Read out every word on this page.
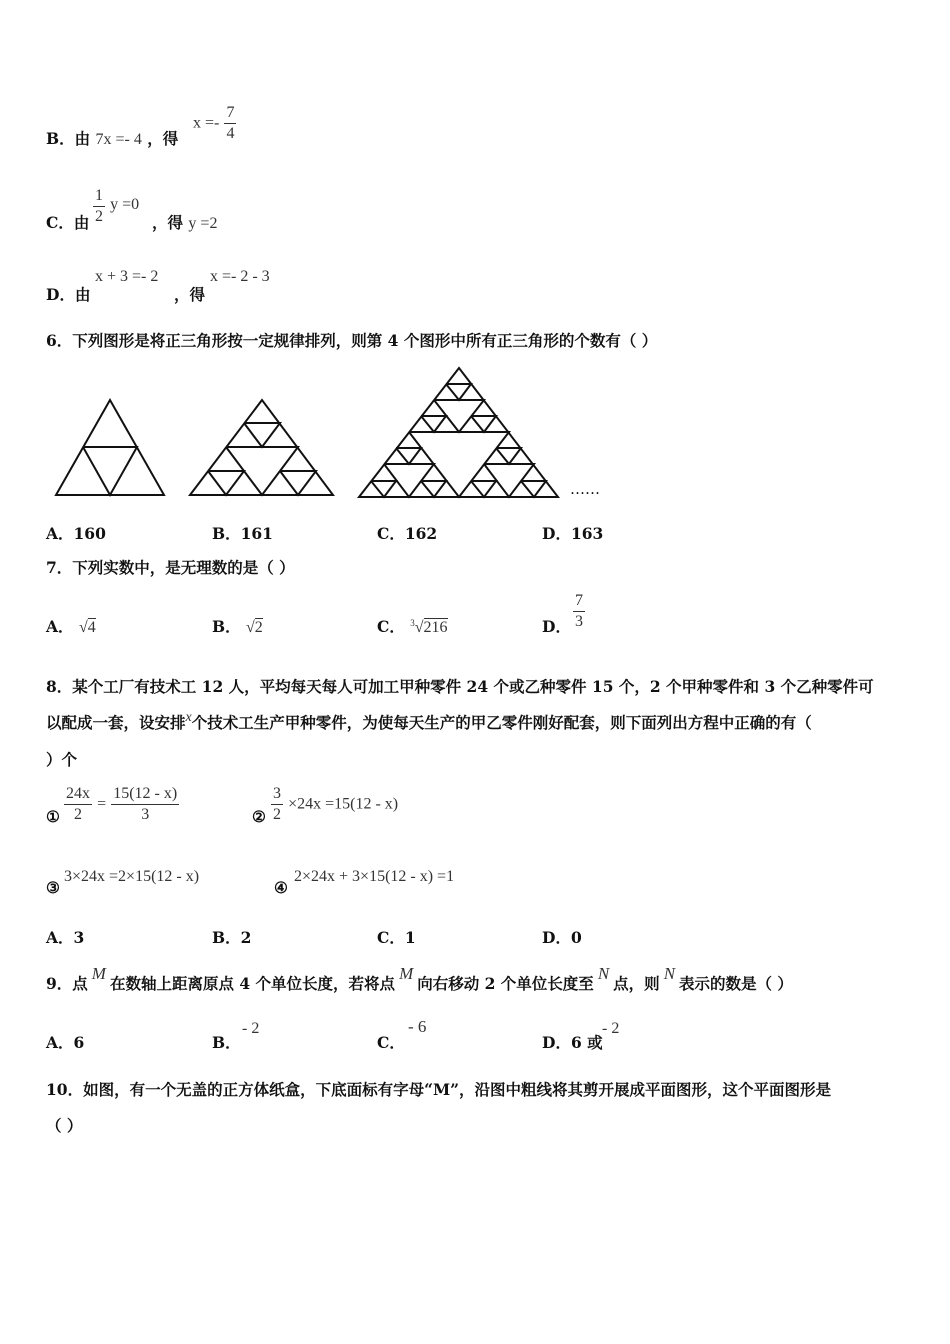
B．由 7x =- 4 ，得
$x =- \frac{7}{4}$
C．由 $\frac{1}{2}$ y =0
，得 y =2
D．由
x + 3 =- 2
，得
x =- 2 - 3
6．下列图形是将正三角形按一定规律排列，则第 4 个图形中所有正三角形的个数有（ ）
……
A．160	B．161	C．162	D．163
7．下列实数中，是无理数的是（ ）
A． √4	B． √2	C． $^3$√216	D． $\frac{7}{3}$
8．某个工厂有技术工 12 人，平均每天每人可加工甲种零件 24 个或乙种零件 15 个，2 个甲种零件和 3 个乙种零件可
以配成一套，设安排x个技术工生产甲种零件，为使每天生产的甲乙零件刚好配套，则下面列出方程中正确的有（
）个
① $\frac{24x}{2} = \frac{15(12 - x)}{3}$	② $\frac{3}{2} \times 24x =15(12 - x)$
③
3×24x =2×15(12 - x)
④
2×24x + 3×15(12 - x) =1
A．3	B．2	C．1	D．0
9．点M在数轴上距离原点 4 个单位长度，若将点M向右移动 2 个单位长度至N点，则N表示的数是（ ）
A．6	B．
- 2
C．
- 6
D．6 或
- 2
10．如图，有一个无盖的正方体纸盒，下底面标有字母“M”，沿图中粗线将其剪开展成平面图形，这个平面图形是
（ ）
